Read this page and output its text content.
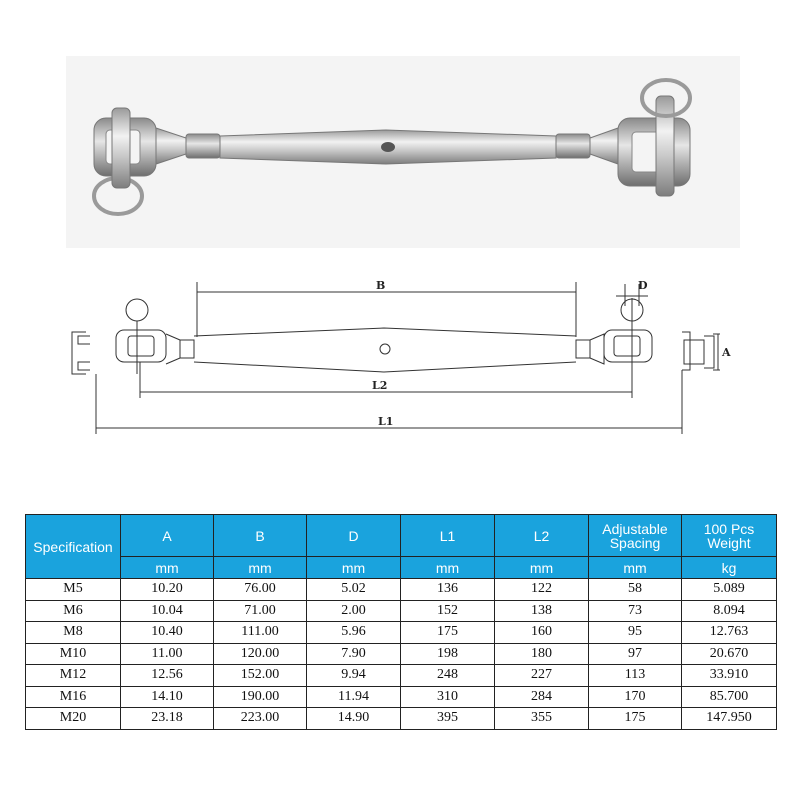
B	D
A
L2
L1
Specification	A	B	D	L1	L2	Adjustable Spacing	100 Pcs Weight
	mm	mm	mm	mm	mm	mm	kg
M5	10.20	76.00	5.02	136	122	58	5.089
M6	10.04	71.00	2.00	152	138	73	8.094
M8	10.40	111.00	5.96	175	160	95	12.763
M10	11.00	120.00	7.90	198	180	97	20.670
M12	12.56	152.00	9.94	248	227	113	33.910
M16	14.10	190.00	11.94	310	284	170	85.700
M20	23.18	223.00	14.90	395	355	175	147.950
